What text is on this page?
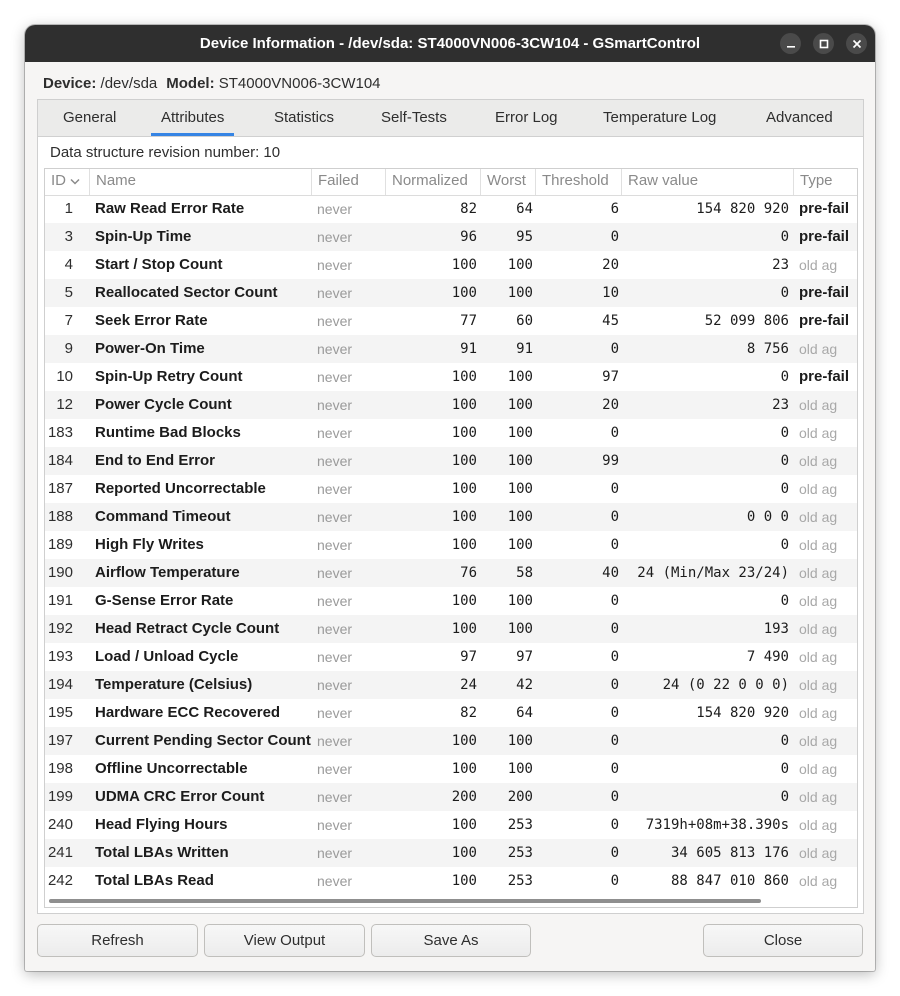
Device Information - /dev/sda: ST4000VN006-3CW104 - GSmartControl
Device: /dev/sda Model: ST4000VN006-3CW104
General	Attributes	Statistics	Self-Tests	Error Log	Temperature Log	Advanced
Data structure revision number: 10
ID	Name	Failed	Normalized	Worst	Threshold	Raw value	Type
1	Raw Read Error Rate	never	82	64	6	154 820 920 pre-fail
3	Spin-Up Time	never	96	95	0	0 pre-fail
4	Start / Stop Count	never	100	100	20	23 old ag
5	Reallocated Sector Count	never	100	100	10	0 pre-fail
7	Seek Error Rate	never	77	60	45	52 099 806 pre-fail
9	Power-On Time	never	91	91	0	8 756 old ag
10	Spin-Up Retry Count	never	100	100	97	0 pre-fail
12	Power Cycle Count	never	100	100	20	23 old ag
183	Runtime Bad Blocks	never	100	100	0	0 old ag
184	End to End Error	never	100	100	99	0 old ag
187	Reported Uncorrectable	never	100	100	0	0 old ag
188	Command Timeout	never	100	100	0	0 0 0 old ag
189	High Fly Writes	never	100	100	0	0 old ag
190	Airflow Temperature	never	76	58	40	24 (Min/Max 23/24) old ag
191	G-Sense Error Rate	never	100	100	0	0 old ag
192	Head Retract Cycle Count	never	100	100	0	193 old ag
193	Load / Unload Cycle	never	97	97	0	7 490 old ag
194	Temperature (Celsius)	never	24	42	0	24 (0 22 0 0 0) old ag
195	Hardware ECC Recovered	never	82	64	0	154 820 920 old ag
197	Current Pending Sector Count never	100	100	0	0 old ag
198	Offline Uncorrectable	never	100	100	0	0 old ag
199	UDMA CRC Error Count	never	200	200	0	0 old ag
240	Head Flying Hours	never	100	253	0	7319h+08m+38.390s old ag
241	Total LBAs Written	never	100	253	0	34 605 813 176 old ag
242	Total LBAs Read	never	100	253	0	88 847 010 860 old ag
Refresh	View Output	Save As	Close
